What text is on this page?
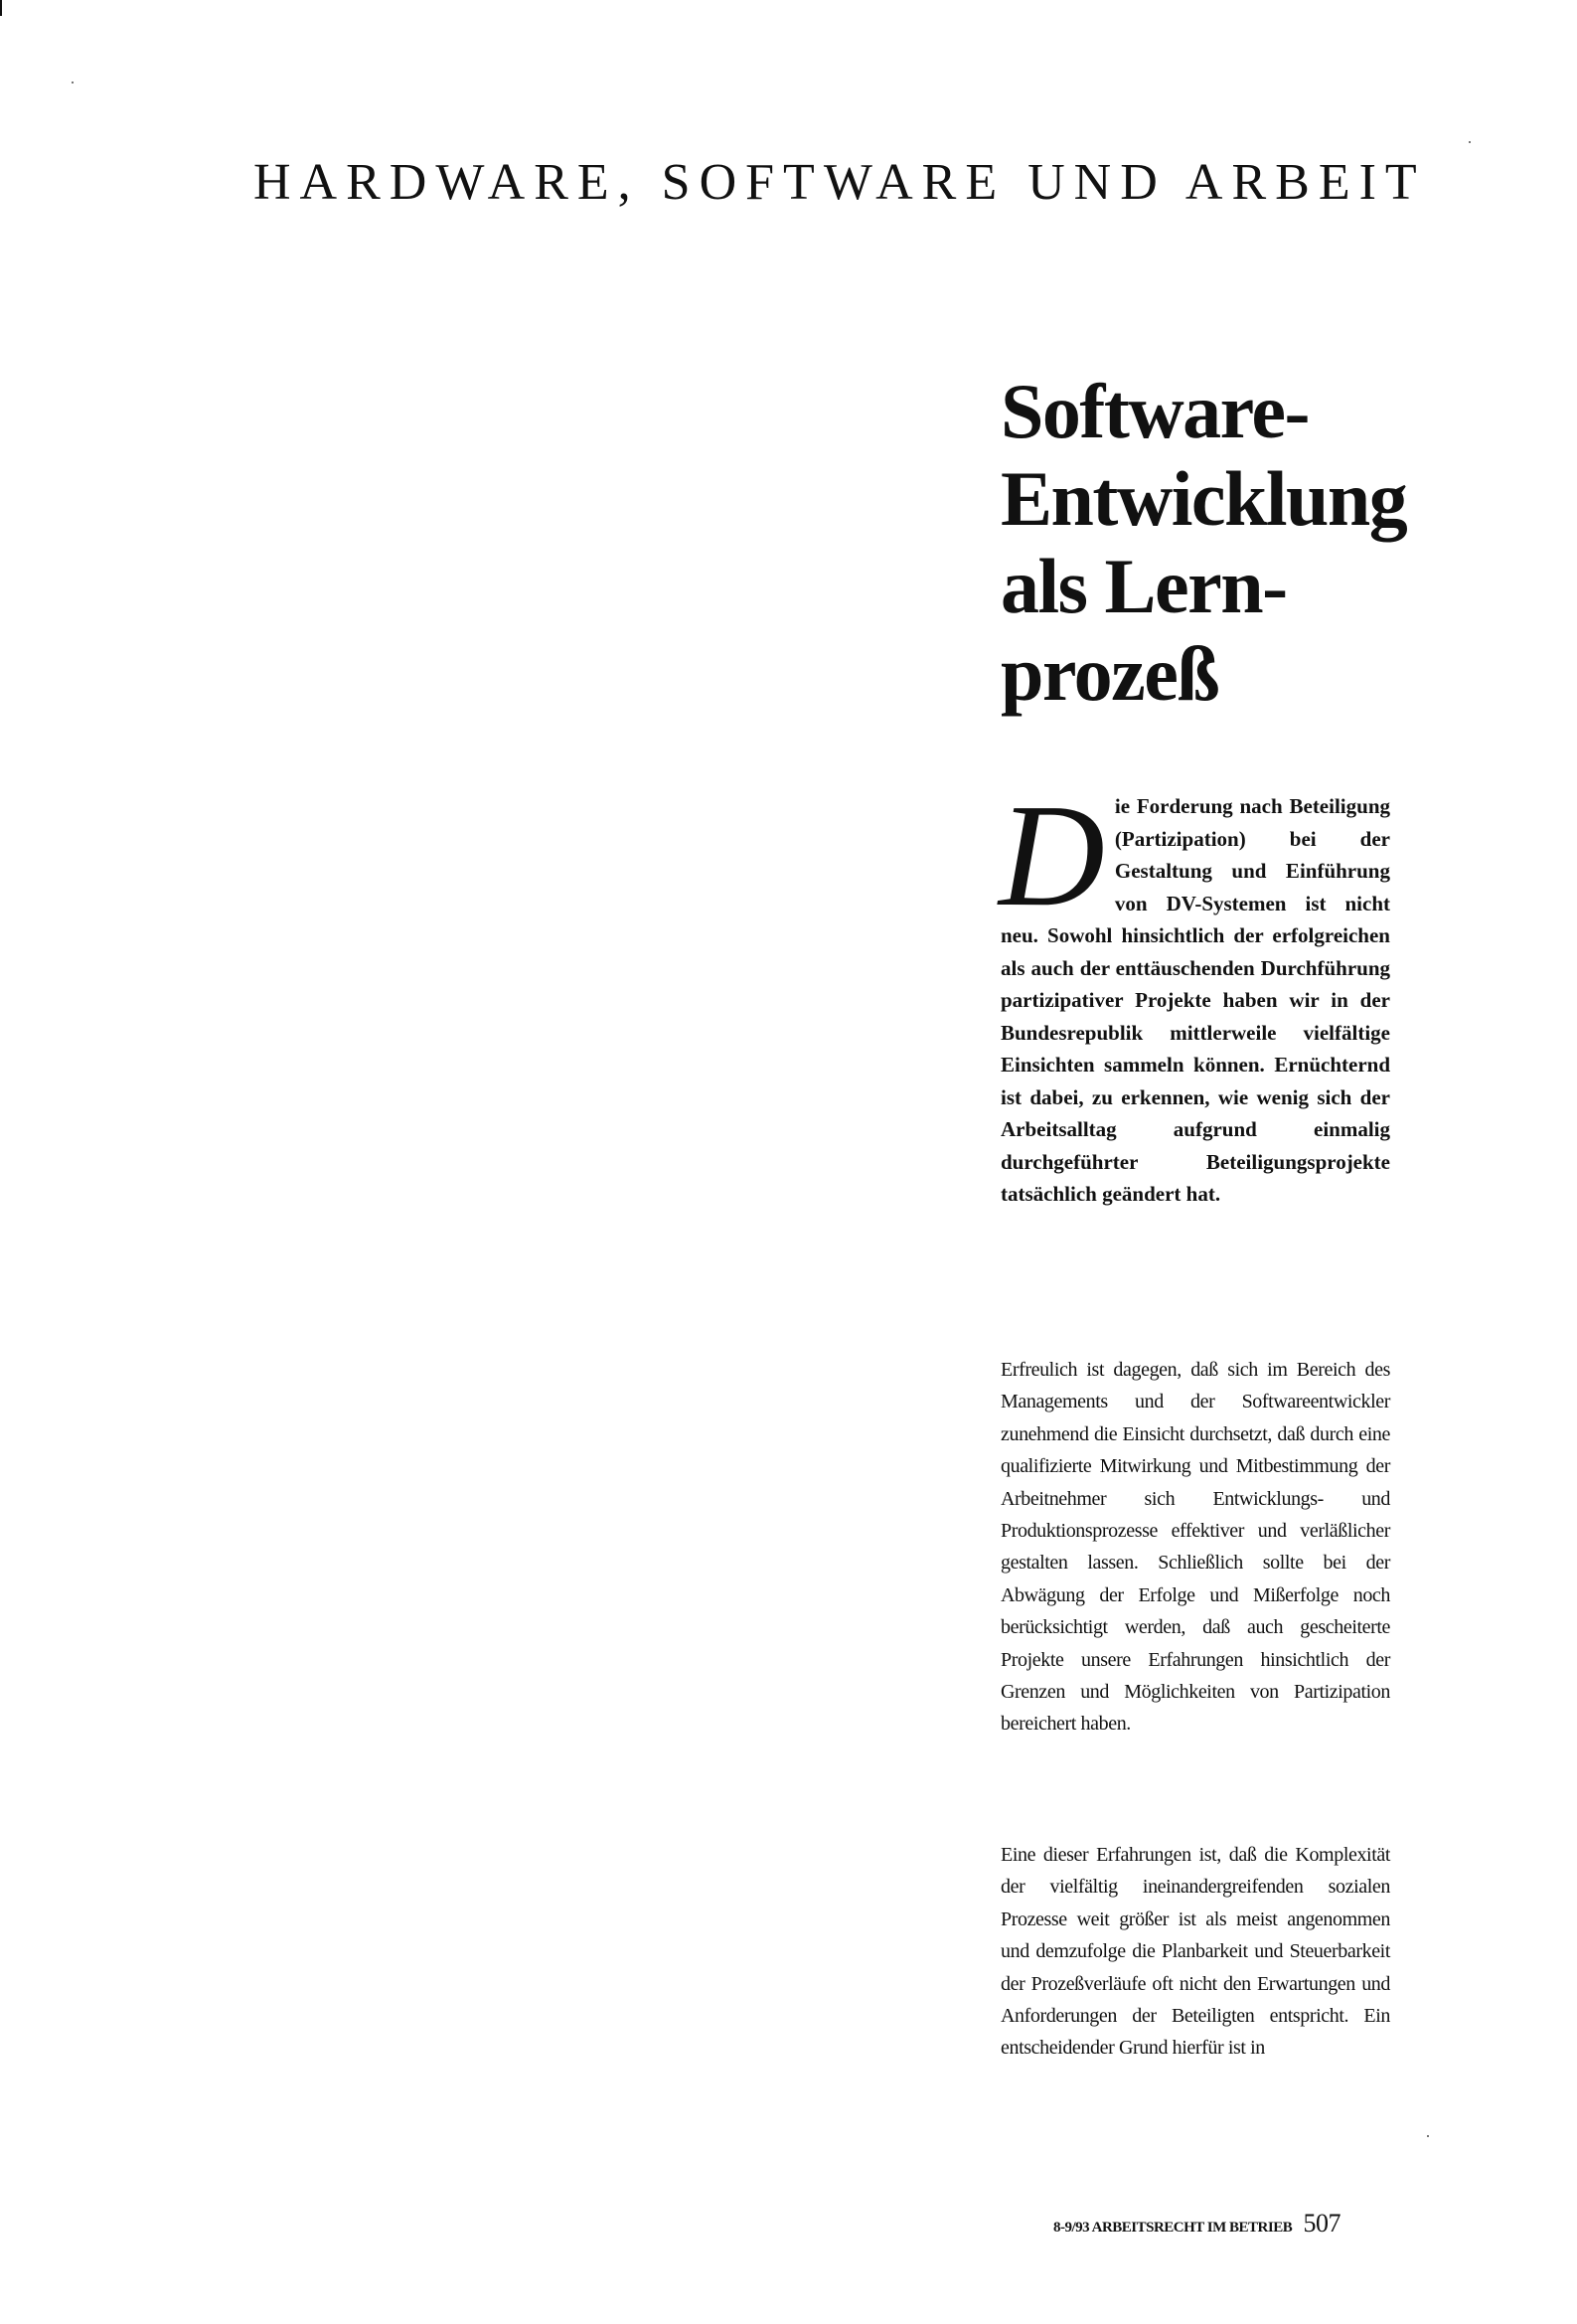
HARDWARE, SOFTWARE UND ARBEIT
Software-
Entwicklung
als Lern-
prozeß
D ie Forderung nach Beteiligung (Partizipation) bei der Gestaltung und Einführung von DV-Systemen ist nicht neu. Sowohl hinsichtlich der erfolgreichen als auch der enttäuschenden Durchführung partizipativer Projekte haben wir in der Bundesrepublik mittlerweile vielfältige Einsichten sammeln können. Ernüchternd ist dabei, zu erkennen, wie wenig sich der Arbeitsalltag aufgrund einmalig durchgeführter Beteiligungsprojekte tatsächlich geändert hat.
Erfreulich ist dagegen, daß sich im Bereich des Managements und der Softwareentwickler zunehmend die Einsicht durchsetzt, daß durch eine qualifizierte Mitwirkung und Mitbestimmung der Arbeitnehmer sich Entwicklungs- und Produktionsprozesse effektiver und verläßlicher gestalten lassen. Schließlich sollte bei der Abwägung der Erfolge und Mißerfolge noch berücksichtigt werden, daß auch gescheiterte Projekte unsere Erfahrungen hinsichtlich der Grenzen und Möglichkeiten von Partizipation bereichert haben.
Eine dieser Erfahrungen ist, daß die Komplexität der vielfältig ineinandergreifenden sozialen Prozesse weit größer ist als meist angenommen und demzufolge die Planbarkeit und Steuerbarkeit der Prozeßverläufe oft nicht den Erwartungen und Anforderungen der Beteiligten entspricht. Ein entscheidender Grund hierfür ist in
8-9/93 ARBEITSRECHT IM BETRIEB 507
